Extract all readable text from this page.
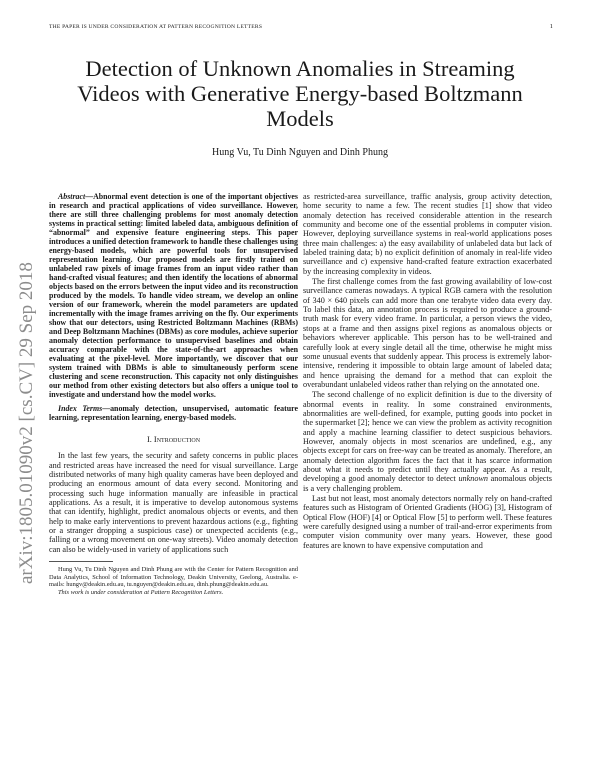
THE PAPER IS UNDER CONSIDERATION AT PATTERN RECOGNITION LETTERS	1
arXiv:1805.01090v2 [cs.CV] 29 Sep 2018
Detection of Unknown Anomalies in Streaming Videos with Generative Energy-based Boltzmann Models
Hung Vu, Tu Dinh Nguyen and Dinh Phung

Abstract—Abnormal event detection is one of the important objectives in research and practical applications of video surveillance. However, there are still three challenging problems for most anomaly detection systems in practical setting: limited labeled data, ambiguous definition of “abnormal” and expensive feature engineering steps. This paper introduces a unified detection framework to handle these challenges using energy-based models, which are powerful tools for unsupervised representation learning. Our proposed models are firstly trained on unlabeled raw pixels of image frames from an input video rather than hand-crafted visual features; and then identify the locations of abnormal objects based on the errors between the input video and its reconstruction produced by the models. To handle video stream, we develop an online version of our framework, wherein the model parameters are updated incrementally with the image frames arriving on the fly. Our experiments show that our detectors, using Restricted Boltzmann Machines (RBMs) and Deep Boltzmann Machines (DBMs) as core modules, achieve superior anomaly detection performance to unsupervised baselines and obtain accuracy comparable with the state-of-the-art approaches when evaluating at the pixel-level. More importantly, we discover that our system trained with DBMs is able to simultaneously perform scene clustering and scene reconstruction. This capacity not only distinguishes our method from other existing detectors but also offers a unique tool to investigate and understand how the model works.

Index Terms—anomaly detection, unsupervised, automatic feature learning, representation learning, energy-based models.

I. Introduction

In the last few years, the security and safety concerns in public places and restricted areas have increased the need for visual surveillance. Large distributed networks of many high quality cameras have been deployed and producing an enormous amount of data every second. Monitoring and processing such huge information manually are infeasible in practical applications. As a result, it is imperative to develop autonomous systems that can identify, highlight, predict anomalous objects or events, and then help to make early interventions to prevent hazardous actions (e.g., fighting or a stranger dropping a suspicious case) or unexpected accidents (e.g., falling or a wrong movement on one-way streets). Video anomaly detection can also be widely-used in variety of applications such

Hung Vu, Tu Dinh Nguyen and Dinh Phung are with the Center for Pattern Recognition and Data Analytics, School of Information Technology, Deakin University, Geelong, Australia. e-mails: hungv@deakin.edu.au, tu.nguyen@deakin.edu.au, dinh.phung@deakin.edu.au.

This work is under consideration at Pattern Recognition Letters.

as restricted-area surveillance, traffic analysis, group activity detection, home security to name a few. The recent studies [1] show that video anomaly detection has received considerable attention in the research community and become one of the essential problems in computer vision. However, deploying surveillance systems in real-world applications poses three main challenges: a) the easy availability of unlabeled data but lack of labeled training data; b) no explicit definition of anomaly in real-life video surveillance and c) expensive hand-crafted feature extraction exacerbated by the increasing complexity in videos.

The first challenge comes from the fast growing availability of low-cost surveillance cameras nowadays. A typical RGB camera with the resolution of 340 × 640 pixels can add more than one terabyte video data every day. To label this data, an annotation process is required to produce a ground-truth mask for every video frame. In particular, a person views the video, stops at a frame and then assigns pixel regions as anomalous objects or behaviors wherever applicable. This person has to be well-trained and carefully look at every single detail all the time, otherwise he might miss some unusual events that suddenly appear. This process is extremely labor-intensive, rendering it impossible to obtain large amount of labeled data; and hence upraising the demand for a method that can exploit the overabundant unlabeled videos rather than relying on the annotated one.

The second challenge of no explicit definition is due to the diversity of abnormal events in reality. In some constrained environments, abnormalities are well-defined, for example, putting goods into pocket in the supermarket [2]; hence we can view the problem as activity recognition and apply a machine learning classifier to detect suspicious behaviors. However, anomaly objects in most scenarios are undefined, e.g., any objects except for cars on free-way can be treated as anomaly. Therefore, an anomaly detection algorithm faces the fact that it has scarce information about what it needs to predict until they actually appear. As a result, developing a good anomaly detector to detect unknown anomalous objects is a very challenging problem.

Last but not least, most anomaly detectors normally rely on hand-crafted features such as Histogram of Oriented Gradients (HOG) [3], Histogram of Optical Flow (HOF) [4] or Optical Flow [5] to perform well. These features were carefully designed using a number of trail-and-error experiments from computer vision community over many years. However, these good features are known to have expensive computation and
